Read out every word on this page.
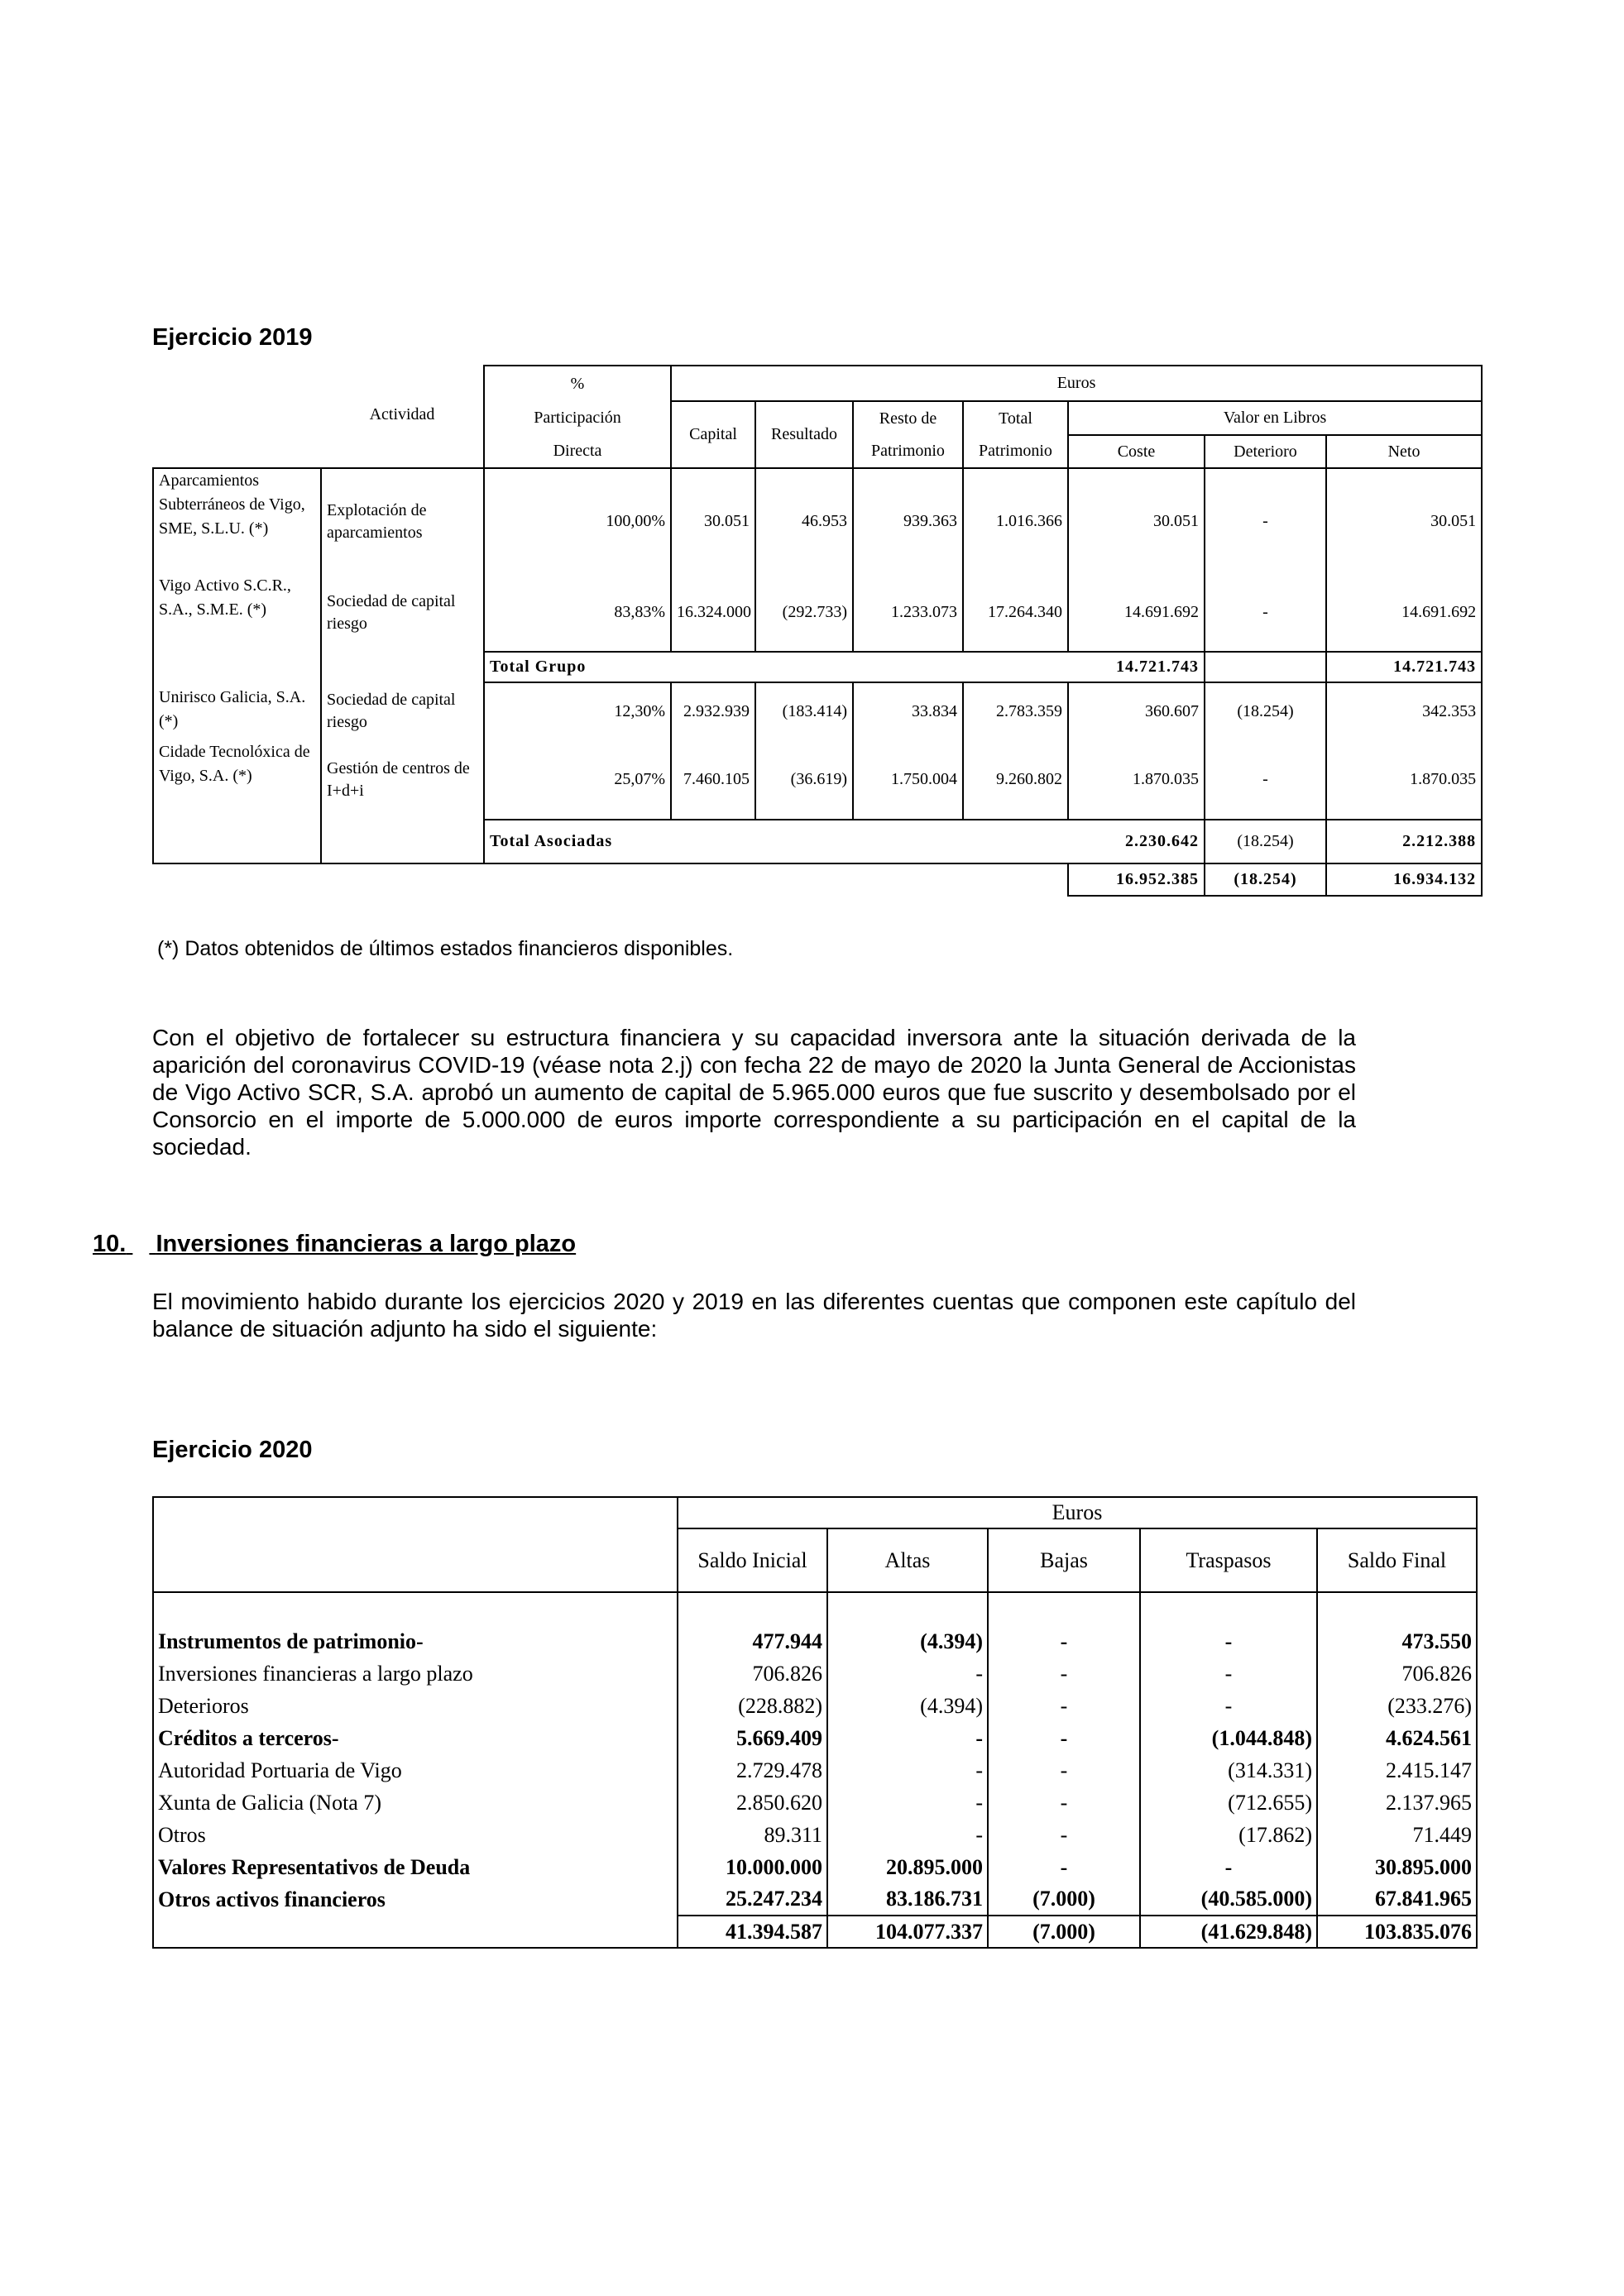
Ejercicio 2019
		%	Euros						
	Actividad	Participación	Capital	Resultado	Resto de	Total	Valor en Libros		
		Directa			Patrimonio	Patrimonio	Coste	Deterioro	Neto
Aparcamientos Subterráneos de Vigo, SME, S.L.U. (*)	Explotación de aparcamientos	100,00%	30.051	46.953	939.363	1.016.366	30.051	-	30.051
Vigo Activo S.C.R., S.A., S.M.E. (*)	Sociedad de capital riesgo	83,83%	16.324.000	(292.733)	1.233.073	17.264.340	14.691.692	-	14.691.692
		Total Grupo					14.721.743		14.721.743
Unirisco Galicia, S.A.(*)	Sociedad de capital riesgo	12,30%	2.932.939	(183.414)	33.834	2.783.359	360.607	(18.254)	342.353
Cidade Tecnolóxica de Vigo, S.A. (*)	Gestión de centros de I+d+i	25,07%	7.460.105	(36.619)	1.750.004	9.260.802	1.870.035	-	1.870.035
		Total Asociadas					2.230.642	(18.254)	2.212.388
							16.952.385	(18.254)	16.934.132
(*) Datos obtenidos de últimos estados financieros disponibles.
Con el objetivo de fortalecer su estructura financiera y su capacidad inversora ante la situación derivada de la aparición del coronavirus COVID-19 (véase nota 2.j) con fecha 22 de mayo de 2020 la Junta General de Accionistas de Vigo Activo SCR, S.A. aprobó un aumento de capital de 5.965.000 euros que fue suscrito y desembolsado por el Consorcio en el importe de 5.000.000 de euros importe correspondiente a su participación en el capital de la sociedad.
10. Inversiones financieras a largo plazo
El movimiento habido durante los ejercicios 2020 y 2019 en las diferentes cuentas que componen este capítulo del balance de situación adjunto ha sido el siguiente:
Ejercicio 2020
	Euros				
	Saldo Inicial	Altas	Bajas	Traspasos	Saldo Final

Instrumentos de patrimonio-	477.944	(4.394)	-	-	473.550
Inversiones financieras a largo plazo	706.826	-	-	-	706.826
Deterioros	(228.882)	(4.394)	-	-	(233.276)
Créditos a terceros-	5.669.409	-	-	(1.044.848)	4.624.561
Autoridad Portuaria de Vigo	2.729.478	-	-	(314.331)	2.415.147
Xunta de Galicia (Nota 7)	2.850.620	-	-	(712.655)	2.137.965
Otros	89.311	-	-	(17.862)	71.449
Valores Representativos de Deuda	10.000.000	20.895.000	-	-	30.895.000
Otros activos financieros	25.247.234	83.186.731	(7.000)	(40.585.000)	67.841.965
	41.394.587	104.077.337	(7.000)	(41.629.848)	103.835.076
